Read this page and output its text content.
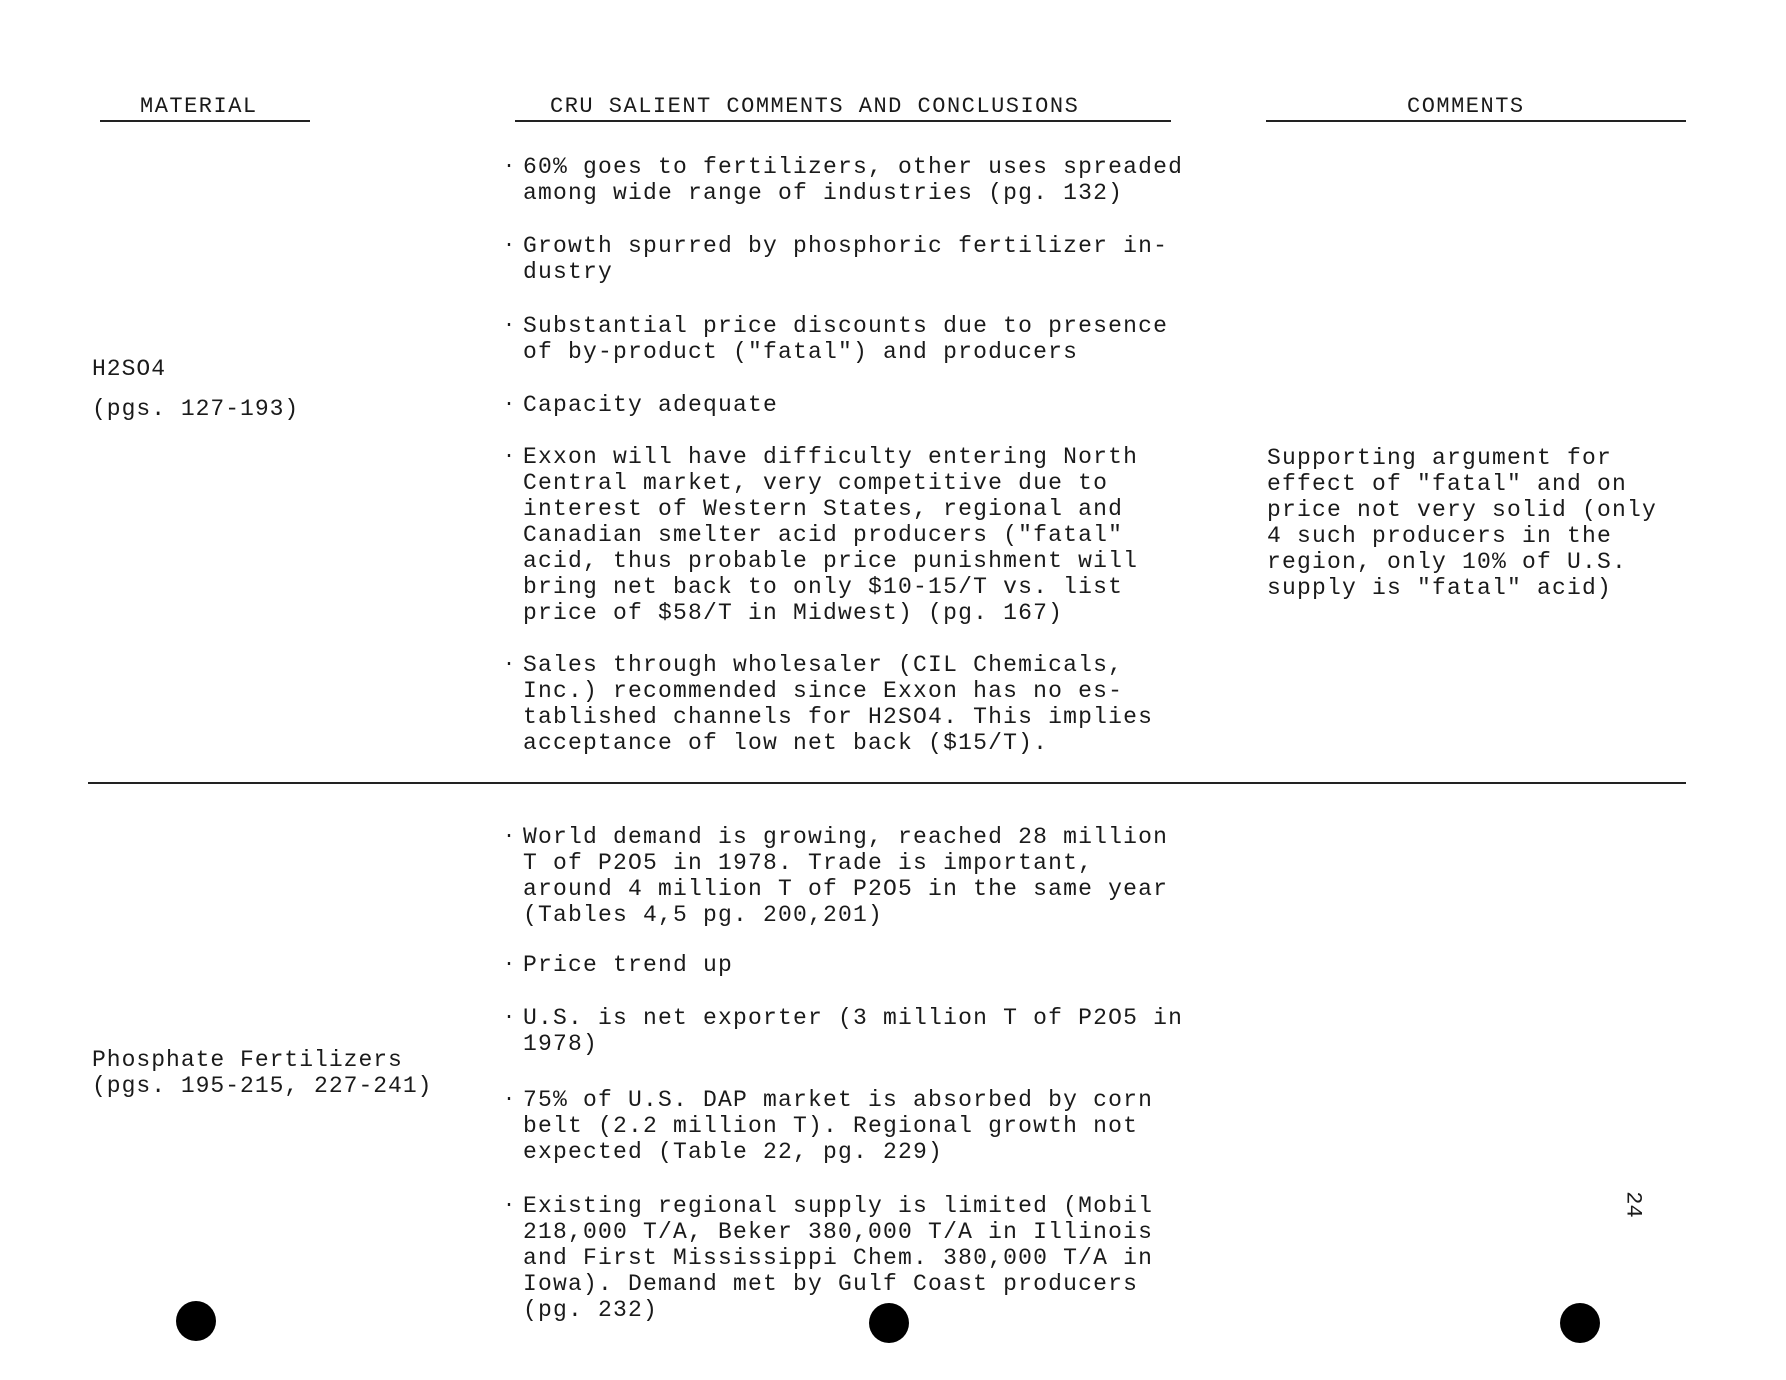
MATERIAL	CRU SALIENT COMMENTS AND CONCLUSIONS	COMMENTS
H2SO4
(pgs. 127-193)
· 60% goes to fertilizers, other uses spreaded
among wide range of industries (pg. 132)

· Growth spurred by phosphoric fertilizer in-
dustry

· Substantial price discounts due to presence
of by-product ("fatal") and producers

· Capacity adequate

· Exxon will have difficulty entering North
Central market, very competitive due to
interest of Western States, regional and
Canadian smelter acid producers ("fatal"
acid, thus probable price punishment will
bring net back to only $10-15/T vs. list
price of $58/T in Midwest) (pg. 167)

· Sales through wholesaler (CIL Chemicals,
Inc.) recommended since Exxon has no es-
tablished channels for H2SO4. This implies
acceptance of low net back ($15/T).

Supporting argument for
effect of "fatal" and on
price not very solid (only
4 such producers in the
region, only 10% of U.S.
supply is "fatal" acid)
Phosphate Fertilizers
(pgs. 195-215, 227-241)
· World demand is growing, reached 28 million
T of P2O5 in 1978. Trade is important,
around 4 million T of P2O5 in the same year
(Tables 4,5 pg. 200,201)

· Price trend up

· U.S. is net exporter (3 million T of P2O5 in
1978)

· 75% of U.S. DAP market is absorbed by corn
belt (2.2 million T). Regional growth not
expected (Table 22, pg. 229)

· Existing regional supply is limited (Mobil
218,000 T/A, Beker 380,000 T/A in Illinois
and First Mississippi Chem. 380,000 T/A in
Iowa). Demand met by Gulf Coast producers
(pg. 232)

24
